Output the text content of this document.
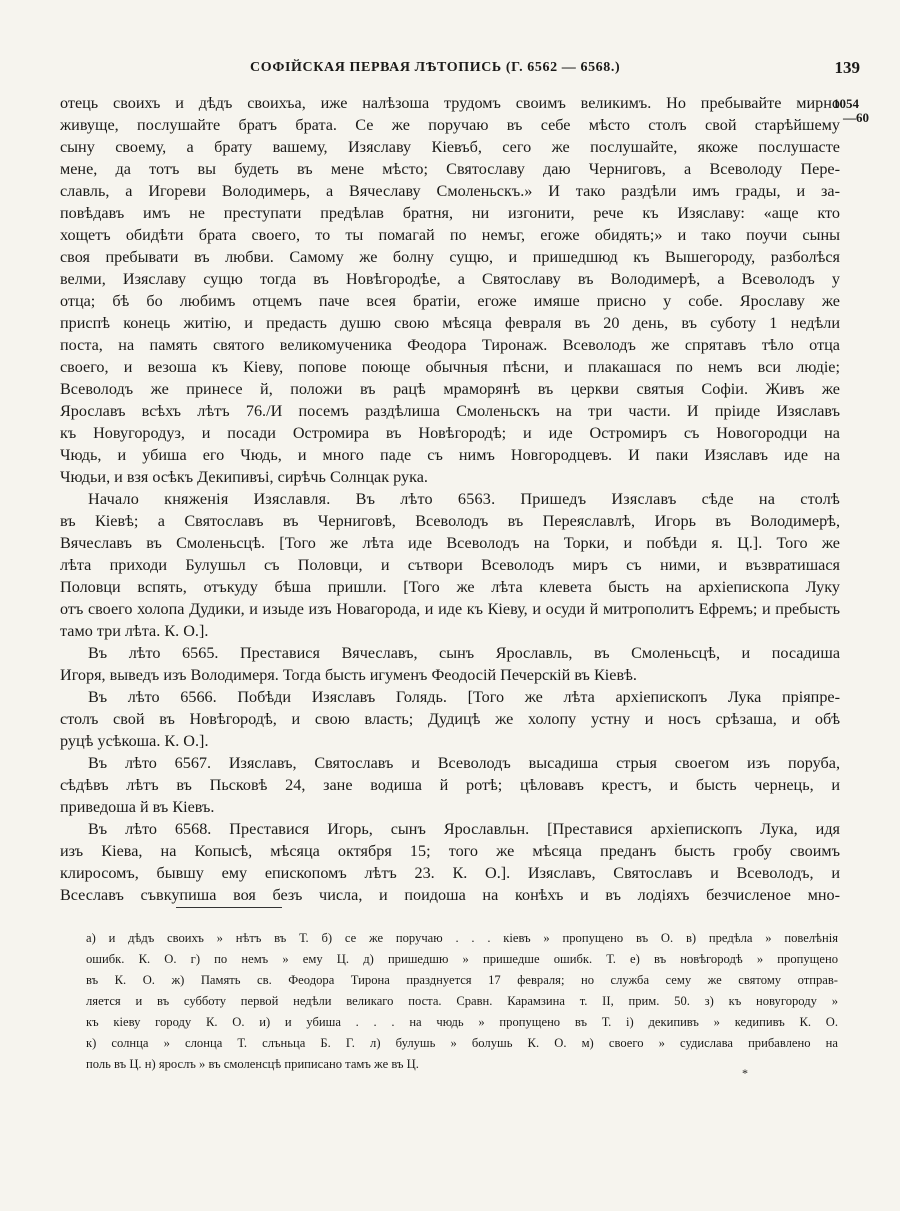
СОФІЙСКАЯ ПЕРВАЯ ЛѢТОПИСЬ (Г. 6562 — 6568.)	139
1054
—60
отець своихъ и дѣдъ своихъа, иже налѣзоша трудомъ своимъ великимъ. Но пребывайте мирно
живуще, послушайте братъ брата. Се же поручаю въ себе мѣсто столъ свой старѣйшему
сыну своему, а брату вашему, Изяславу Кіевъб, сего же послушайте, якоже послушасте
мене, да тотъ вы будеть въ мене мѣсто; Святославу даю Черниговъ, а Всеволоду Пере-
славль, а Игореви Володимерь, а Вячеславу Смоленьскъ.» И тако раздѣли имъ грады, и за-
повѣдавъ имъ не преступати предѣлав братня, ни изгонити, рече къ Изяславу: «аще кто
хощетъ обидѣти брата своего, то ты помагай по немъг, егоже обидять;» и тако поучи сыны
своя пребывати въ любви. Самому же болну сущю, и пришедшюд къ Вышегороду, разболѣся
велми, Изяславу сущю тогда въ Новѣгородѣе, а Святославу въ Володимерѣ, а Всеволодъ у
отца; бѣ бо любимъ отцемъ паче всея братіи, егоже имяше присно у собе. Ярославу же
приспѣ конець житію, и предасть душю свою мѣсяца февраля въ 20 день, въ суботу 1 недѣли
поста, на память святого великомученика Феодора Тиронаж. Всеволодъ же спрятавъ тѣло отца
своего, и везоша къ Кіеву, попове поюще обычныя пѣсни, и плакашася по немъ вси людіе;
Всеволодъ же принесе й, положи въ рацѣ мраморянѣ въ церкви святыя Софіи. Живъ же
Ярославъ всѣхъ лѣтъ 76./И посемъ раздѣлиша Смоленьскъ на три части. И пріиде Изяславъ
къ Новугородуз, и посади Остромира въ Новѣгородѣ; и иде Остромиръ съ Новогородци на
Чюдь, и убиша его Чюдь, и много паде съ нимъ Новгородцевъ. И паки Изяславъ иде на
Чюдьи, и взя осѣкъ Декипивъі, сирѣчь Солнцак рука.
Начало княженія Изяславля. Въ лѣто 6563. Пришедъ Изяславъ сѣде на столѣ
въ Кіевѣ; а Святославъ въ Черниговѣ, Всеволодъ въ Переяславлѣ, Игорь въ Володимерѣ,
Вячеславъ въ Смоленьсцѣ. [Того же лѣта иде Всеволодъ на Торки, и побѣди я. Ц.]. Того же
лѣта приходи Булушьл съ Половци, и сътвори Всеволодъ миръ съ ними, и възвратишася
Половци вспять, отъкуду бѣша пришли. [Того же лѣта клевета бысть на архіепископа Луку
отъ своего холопа Дудики, и изыде изъ Новагорода, и иде къ Кіеву, и осуди й митрополитъ Ефремъ; и пребысть тамо три лѣта. К. О.].
Въ лѣто 6565. Преставися Вячеславъ, сынъ Ярославль, въ Смоленьсцѣ, и посадиша
Игоря, выведъ изъ Володимеря. Тогда бысть игуменъ Феодосій Печерскій въ Кіевѣ.
Въ лѣто 6566. Побѣди Изяславъ Голядь. [Того же лѣта архіепископъ Лука пріяпре-
столъ свой въ Новѣгородѣ, и свою власть; Дудицѣ же холопу устну и носъ срѣзаша, и обѣ
руцѣ усѣкоша. К. О.].
Въ лѣто 6567. Изяславъ, Святославъ и Всеволодъ высадиша стрыя своегом изъ поруба,
сѣдѣвъ лѣтъ въ Пьсковѣ 24, зане водиша й ротѣ; цѣловавъ крестъ, и бысть чернець, и
приведоша й въ Кіевъ.
Въ лѣто 6568. Преставися Игорь, сынъ Ярославльн. [Преставися архіепископъ Лука, идя
изъ Кіева, на Копысѣ, мѣсяца октября 15; того же мѣсяца преданъ бысть гробу своимъ
клиросомъ, бывшу ему епископомъ лѣтъ 23. К. О.]. Изяславъ, Святославъ и Всеволодъ, и
Всеславъ съвкупиша воя безъ числа, и поидоша на конѣхъ и въ лодіяхъ безчисленое мно-
а) и дѣдъ своихъ » нѣтъ въ Т. б) се же поручаю . . . кіевъ » пропущено въ О. в) предѣла » повелѣнія
ошибк. К. О. г) по немъ » ему Ц. д) пришедшю » пришедше ошибк. Т. е) въ новѣгородѣ » пропущено
въ К. О. ж) Память св. Феодора Тирона празднуется 17 февраля; но служба сему же святому отправ-
ляется и въ субботу первой недѣли великаго поста. Сравн. Карамзина т. II, прим. 50. з) къ новугороду »
къ кіеву городу К. О. и) и убиша . . . на чюдь » пропущено въ Т. і) декипивъ » кедипивъ К. О.
к) солнца » слонца Т. слъньца Б. Г. л) булушь » болушь К. О. м) своего » судислава прибавлено на
поль въ Ц. н) ярослъ » въ смоленсцѣ приписано тамъ же въ Ц.
*
